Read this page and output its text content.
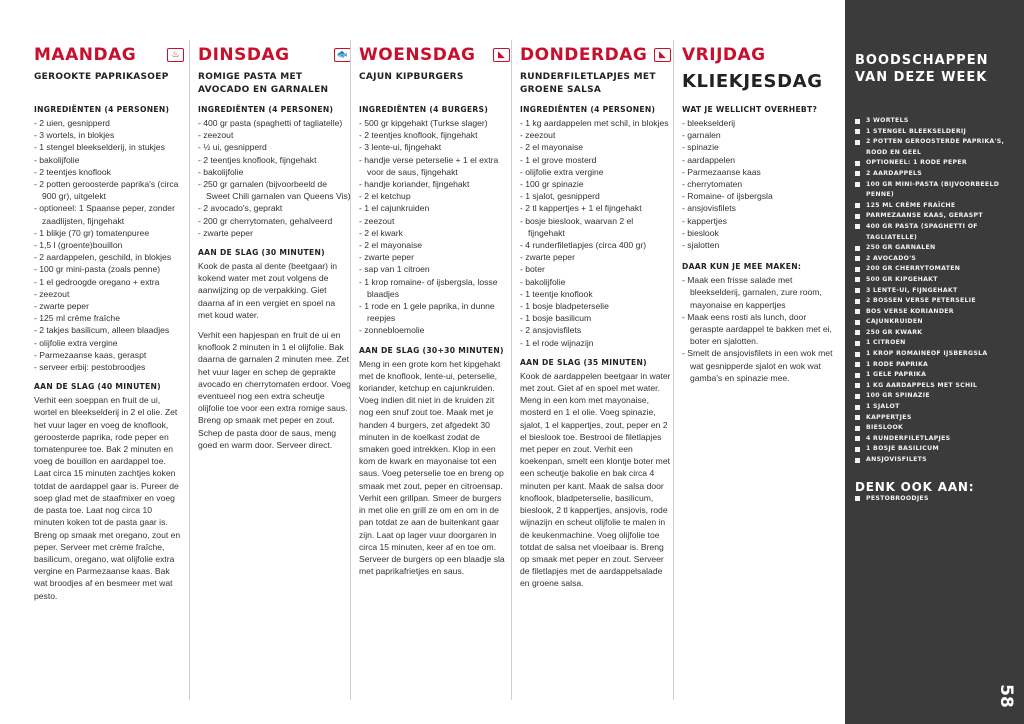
MAANDAG	♨
GEROOKTE PAPRIKASOEP
INGREDIËNTEN (4 PERSONEN)
- 2 uien, gesnipperd
- 3 wortels, in blokjes
- 1 stengel bleekselderij, in stukjes
- bakolijfolie
- 2 teentjes knoflook
- 2 potten geroosterde paprika's (circa 900 gr), uitgelekt
- optioneel: 1 Spaanse peper, zonder zaadlijsten, fijngehakt
- 1 blikje (70 gr) tomatenpuree
- 1,5 l (groente)bouillon
- 2 aardappelen, geschild, in blokjes
- 100 gr mini-pasta (zoals penne)
- 1 el gedroogde oregano + extra
- zeezout
- zwarte peper
- 125 ml crème fraîche
- 2 takjes basilicum, alleen blaadjes
- olijfolie extra vergine
- Parmezaanse kaas, geraspt
- serveer erbij: pestobroodjes
AAN DE SLAG (40 MINUTEN)

Verhit een soeppan en fruit de ui, wortel en bleekselderij in 2 el olie. Zet het vuur lager en voeg de knoflook, geroosterde paprika, rode peper en tomatenpuree toe. Bak 2 minuten en voeg de bouillon en aardappel toe. Laat circa 15 minuten zachtjes koken totdat de aardappel gaar is. Pureer de soep glad met de staafmixer en voeg de pasta toe. Laat nog circa 10 minuten koken tot de pasta gaar is. Breng op smaak met oregano, zout en peper. Serveer met crème fraîche, basilicum, oregano, wat olijfolie extra vergine en Parmezaanse kaas. Bak wat broodjes af en besmeer met wat pesto.

DINSDAG	🐟
ROMIGE PASTA MET AVOCADO EN GARNALEN
INGREDIËNTEN (4 PERSONEN)
- 400 gr pasta (spaghetti of tagliatelle)
- zeezout
- ½ ui, gesnipperd
- 2 teentjes knoflook, fijngehakt
- bakolijfolie
- 250 gr garnalen (bijvoorbeeld de Sweet Chili garnalen van Queens Vis)
- 2 avocado's, geprakt
- 200 gr cherrytomaten, gehalveerd
- zwarte peper
AAN DE SLAG (30 MINUTEN)

Kook de pasta al dente (beetgaar) in kokend water met zout volgens de aanwijzing op de verpakking. Giet daarna af in een vergiet en spoel na met koud water.

Verhit een hapjespan en fruit de ui en knoflook 2 minuten in 1 el olijfolie. Bak daarna de garnalen 2 minuten mee. Zet het vuur lager en schep de geprakte avocado en cherrytomaten erdoor. Voeg eventueel nog een extra scheutje olijfolie toe voor een extra romige saus. Breng op smaak met peper en zout. Schep de pasta door de saus, meng goed en warm door. Serveer direct.

WOENSDAG	◣
CAJUN KIPBURGERS
INGREDIËNTEN (4 BURGERS)
- 500 gr kipgehakt (Turkse slager)
- 2 teentjes knoflook, fijngehakt
- 3 lente-ui, fijngehakt
- handje verse peterselie + 1 el extra voor de saus, fijngehakt
- handje koriander, fijngehakt
- 2 el ketchup
- 1 el cajunkruiden
- zeezout
- 2 el kwark
- 2 el mayonaise
- zwarte peper
- sap van 1 citroen
- 1 krop romaine- of ijsbergsla, losse blaadjes
- 1 rode en 1 gele paprika, in dunne reepjes
- zonnebloemolie
AAN DE SLAG (30+30 MINUTEN)

Meng in een grote kom het kipgehakt met de knoflook, lente-ui, peterselie, koriander, ketchup en cajunkruiden. Voeg indien dit niet in de kruiden zit nog een snuf zout toe. Maak met je handen 4 burgers, zet afgedekt 30 minuten in de koelkast zodat de smaken goed intrekken. Klop in een kom de kwark en mayonaise tot een saus. Voeg peterselie toe en breng op smaak met zout, peper en citroensap. Verhit een grillpan. Smeer de burgers in met olie en grill ze om en om in de pan totdat ze aan de buitenkant gaar zijn. Laat op lager vuur doorgaren in circa 15 minuten, keer af en toe om. Serveer de burgers op een blaadje sla met paprikafrietjes en saus.

DONDERDAG	◣
RUNDERFILETLAPJES MET GROENE SALSA
INGREDIËNTEN (4 PERSONEN)
- 1 kg aardappelen met schil, in blokjes
- zeezout
- 2 el mayonaise
- 1 el grove mosterd
- olijfolie extra vergine
- 100 gr spinazie
- 1 sjalot, gesnipperd
- 2 tl kappertjes + 1 el fijngehakt
- bosje bieslook, waarvan 2 el fijngehakt
- 4 runderfiletlapjes (circa 400 gr)
- zwarte peper
- boter
- bakolijfolie
- 1 teentje knoflook
- 1 bosje bladpeterselie
- 1 bosje basilicum
- 2 ansjovisfilets
- 1 el rode wijnazijn
AAN DE SLAG (35 MINUTEN)

Kook de aardappelen beetgaar in water met zout. Giet af en spoel met water. Meng in een kom met mayonaise, mosterd en 1 el olie. Voeg spinazie, sjalot, 1 el kappertjes, zout, peper en 2 el bieslook toe. Bestrooi de filetlapjes met peper en zout. Verhit een koekenpan, smelt een klontje boter met een scheutje bakolie en bak circa 4 minuten per kant. Maak de salsa door knoflook, bladpeterselie, basilicum, bieslook, 2 tl kappertjes, ansjovis, rode wijnazijn en scheut olijfolie te malen in de keukenmachine. Voeg olijfolie toe totdat de salsa net vloeibaar is. Breng op smaak met peper en zout. Serveer de filetlapjes met de aardappelsalade en groene salsa.

VRIJDAG
KLIEKJESDAG
WAT JE WELLICHT OVERHEBT?
- bleekselderij
- garnalen
- spinazie
- aardappelen
- Parmezaanse kaas
- cherrytomaten
- Romaine- of ijsbergsla
- ansjovisfilets
- kappertjes
- bieslook
- sjalotten
DAAR KUN JE MEE MAKEN:
- Maak een frisse salade met bleekselderij, garnalen, zure room, mayonaise en kappertjes
- Maak eens rosti als lunch, door geraspte aardappel te bakken met ei, boter en sjalotten.
- Smelt de ansjovisfilets in een wok met wat gesnipperde sjalot en wok wat gamba's en spinazie mee.
BOODSCHAPPEN VAN DEZE WEEK
3 WORTELS
1 STENGEL BLEEKSELDERIJ
2 POTTEN GEROOSTERDE PAPRIKA'S, ROOD EN GEEL
OPTIONEEL: 1 RODE PEPER
2 AARDAPPELS
100 GR MINI-PASTA (BIJVOORBEELD PENNE)
125 ML CRÈME FRAÎCHE
PARMEZAANSE KAAS, GERASPT
400 GR PASTA (SPAGHETTI OF TAGLIATELLE)
250 GR GARNALEN
2 AVOCADO'S
200 GR CHERRYTOMATEN
500 GR KIPGEHAKT
3 LENTE-UI, FIJNGEHAKT
2 BOSSEN VERSE PETERSELIE
BOS VERSE KORIANDER
CAJUNKRUIDEN
250 GR KWARK
1 CITROEN
1 KROP ROMAINEOF IJSBERGSLA
1 RODE PAPRIKA
1 GELE PAPRIKA
1 KG AARDAPPELS MET SCHIL
100 GR SPINAZIE
1 SJALOT
KAPPERTJES
BIESLOOK
4 RUNDERFILETLAPJES
1 BOSJE BASILICUM
ANSJOVISFILETS
DENK OOK AAN:
PESTOBROODJES
58
